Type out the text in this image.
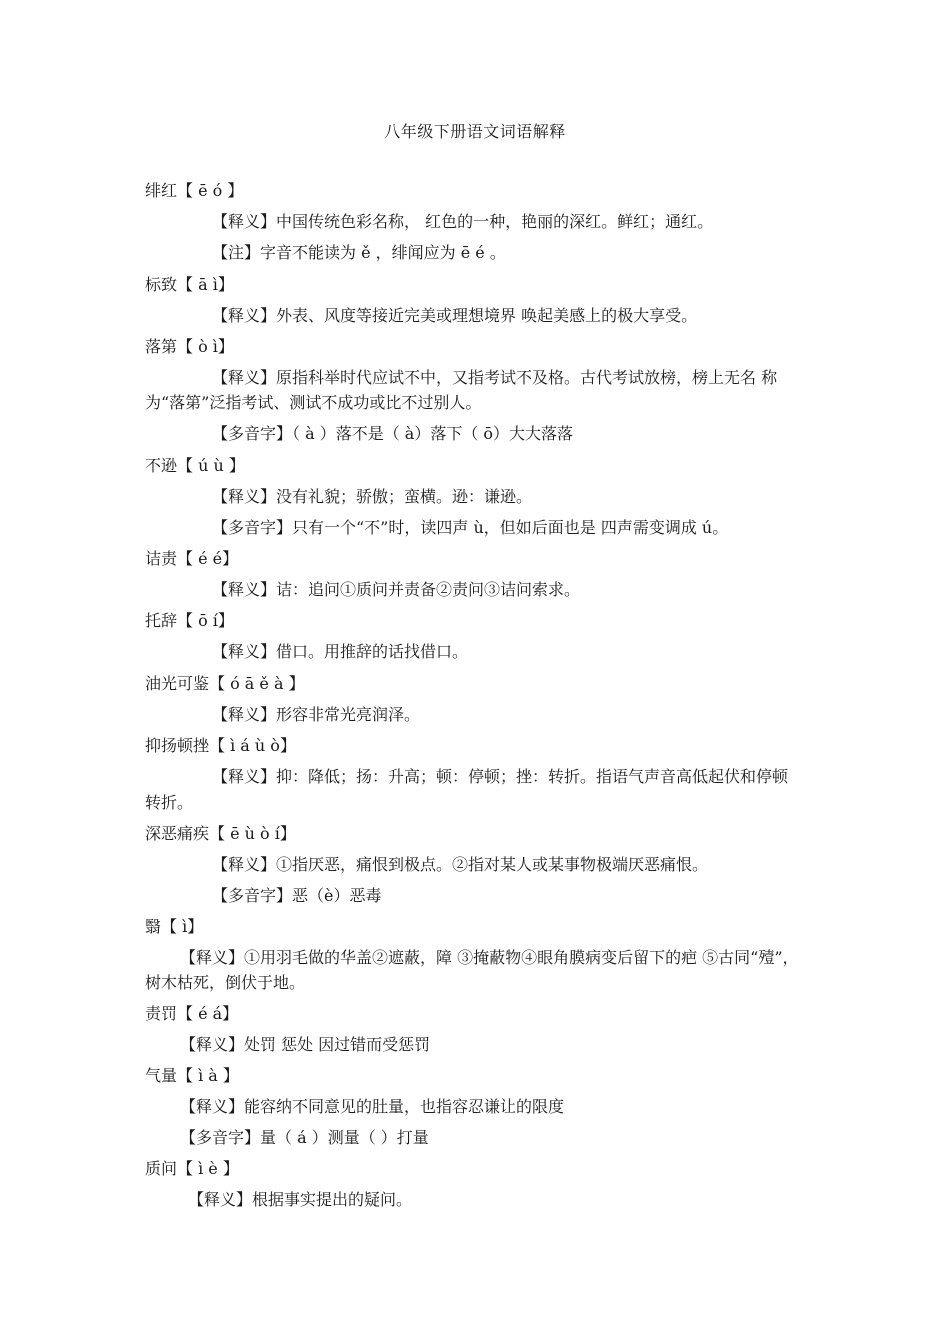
八年级下册语文词语解释
绯红【 ē ó 】
【释义】中国传统色彩名称， 红色的一种，艳丽的深红。鲜红；通红。
【注】字音不能读为 ě ，绯闻应为 ē é 。
标致【 ā ì】
【释义】外表、风度等接近完美或理想境界 唤起美感上的极大享受。
落第【 ò ì】
【释义】原指科举时代应试不中，又指考试不及格。古代考试放榜，榜上无名 称
为“落第”泛指考试、测试不成功或比不过别人。
【多音字】（ à ）落不是（ à）落下（ ō）大大落落
不逊【 ú ù 】
【释义】没有礼貌；骄傲；蛮横。逊：谦逊。
【多音字】只有一个“不”时，读四声 ù，但如后面也是 四声需变调成 ú。
诘责【 é é】
【释义】诘：追问①质问并责备②责问③诘问索求。
托辞【 ō í】
【释义】借口。用推辞的话找借口。
油光可鉴【 ó ā ě à 】
【释义】形容非常光亮润泽。
抑扬顿挫【 ì á ù ò】
【释义】抑：降低；扬：升高；顿：停顿；挫：转折。指语气声音高低起伏和停顿
转折。
深恶痛疾【 ē ù ò í】
【释义】①指厌恶，痛恨到极点。②指对某人或某事物极端厌恶痛恨。
【多音字】恶（è）恶毒
翳【 ì】
【释义】①用羽毛做的华盖②遮蔽，障 ③掩蔽物④眼角膜病变后留下的疤 ⑤古同“殪”，
树木枯死，倒伏于地。
责罚【 é á】
【释义】处罚 惩处 因过错而受惩罚
气量【 ì à 】
【释义】能容纳不同意见的肚量，也指容忍谦让的限度
【多音字】量（ á ）测量（ ）打量
质问【 ì è 】
【释义】根据事实提出的疑问。
